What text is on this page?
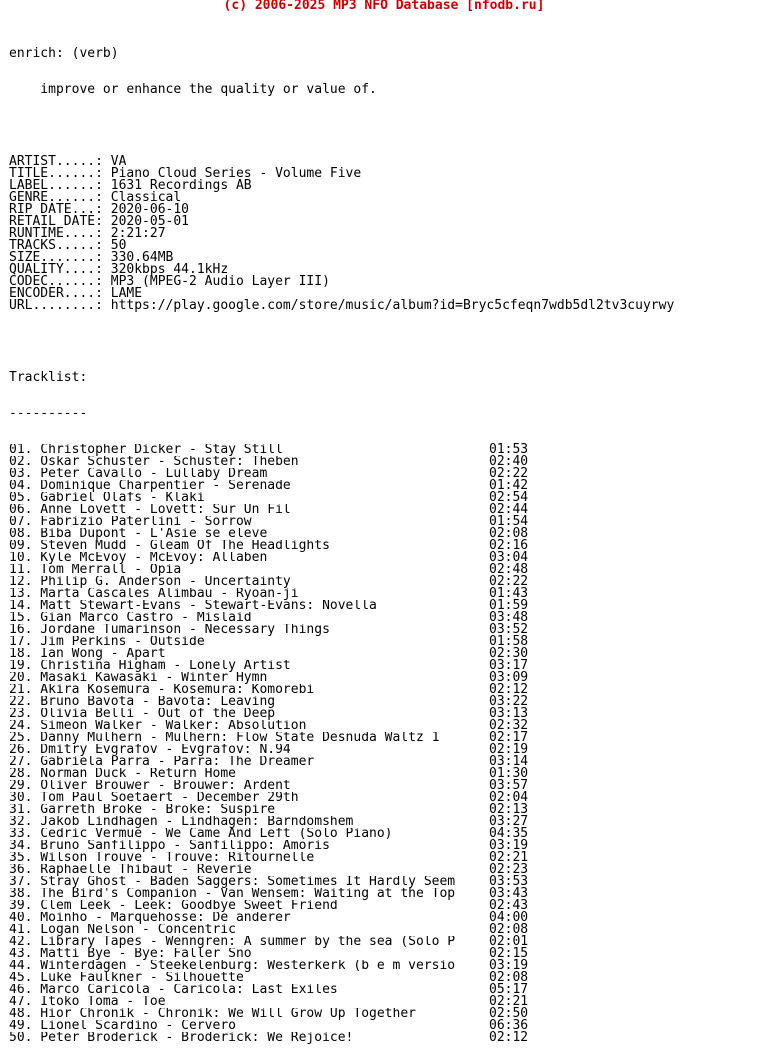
(c) 2006-2025 MP3 NFO Database [nfodb.ru]

enrich: (verb)

improve or enhance the quality or value of.

ARTIST.....: VA
TITLE......: Piano Cloud Series - Volume Five
LABEL......: 1631 Recordings AB
GENRE......: Classical
RIP DATE...: 2020-06-10
RETAIL DATE: 2020-05-01
RUNTIME....: 2:21:27
TRACKS.....: 50
SIZE.......: 330.64MB
QUALITY....: 320kbps 44.1kHz
CODEC......: MP3 (MPEG-2 Audio Layer III)
ENCODER....: LAME
URL........: https://play.google.com/store/music/album?id=Bryc5cfeqn7wdb5dl2tv3cuyrwy

Tracklist:

----------

01. Christopher Dicker - Stay Still	01:53
02. Oskar Schuster - Schuster: Theben	02:40
03. Peter Cavallo - Lullaby Dream	02:22
04. Dominique Charpentier - Serenade	01:42
05. Gabriel Olafs - Klaki	02:54
06. Anne Lovett - Lovett: Sur Un Fil	02:44
07. Fabrizio Paterlini - Sorrow	01:54
08. Biba Dupont - L'Asie se eleve	02:08
09. Steven Mudd - Gleam Of The Headlights	02:16
10. Kyle McEvoy - McEvoy: Allaben	03:04
11. Tom Merrall - Opia	02:48
12. Philip G. Anderson - Uncertainty	02:22
13. Marta Cascales Alimbau - Ryoan-ji	01:43
14. Matt Stewart-Evans - Stewart-Evans: Novella	01:59
15. Gian Marco Castro - Mislaid	03:48
16. Jordane Tumarinson - Necessary Things	03:52
17. Jim Perkins - Outside	01:58
18. Ian Wong - Apart	02:30
19. Christina Higham - Lonely Artist	03:17
20. Masaki Kawasaki - Winter Hymn	03:09
21. Akira Kosemura - Kosemura: Komorebi	02:12
22. Bruno Bavota - Bavota: Leaving	03:22
23. Olivia Belli - Out of the Deep	03:13
24. Simeon Walker - Walker: Absolution	02:32
25. Danny Mulhern - Mulhern: Flow State Desnuda Waltz 1	02:17
26. Dmitry Evgrafov - Evgrafov: N.94	02:19
27. Gabriela Parra - Parra: The Dreamer	03:14
28. Norman Duck - Return Home	01:30
29. Oliver Brouwer - Brouwer: Ardent	03:57
30. Tom Paul Soetaert - December 29th	02:04
31. Garreth Broke - Broke: Suspire	02:13
32. Jakob Lindhagen - Lindhagen: Barndomshem	03:27
33. Cedric Vermue - We Came And Left (Solo Piano)	04:35
34. Bruno Sanfilippo - Sanfilippo: Amoris	03:19
35. Wilson Trouve - Trouve: Ritournelle	02:21
36. Raphaelle Thibaut - Reverie	02:23
37. Stray Ghost - Baden Saggers: Sometimes It Hardly Seem	03:53
38. The Bird's Companion - Van Wensem: Waiting at the Top	03:43
39. Clem Leek - Leek: Goodbye Sweet Friend	02:43
40. Moinho - Marquehosse: De anderer	04:00
41. Logan Nelson - Concentric	02:08
42. Library Tapes - Wenngren: A summer by the sea (Solo P	02:01
43. Matti Bye - Bye: Faller Sno	02:15
44. Winterdagen - Steekelenburg: Westerkerk (b e m versio	03:19
45. Luke Faulkner - Silhouette	02:08
46. Marco Caricola - Caricola: Last Exiles	05:17
47. Itoko Toma - Toe	02:21
48. Hior Chronik - Chronik: We Will Grow Up Together	02:50
49. Lionel Scardino - Cervero	06:36
50. Peter Broderick - Broderick: We Rejoice!	02:12
